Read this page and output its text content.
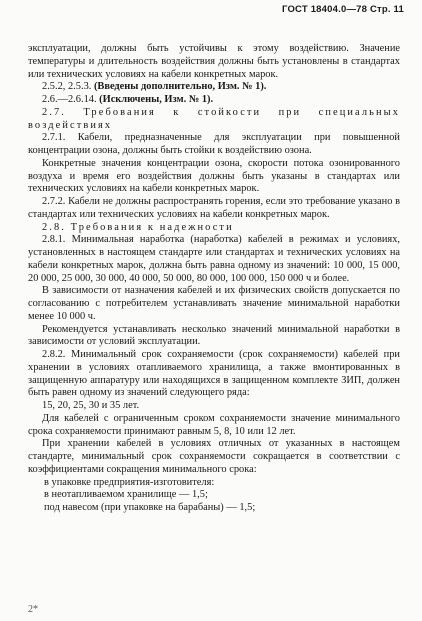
ГОСТ 18404.0—78 Стр. 11

эксплуатации, должны быть устойчивы к этому воздействию. Значение температуры и длительность воздействия должны быть установлены в стандартах или технических условиях на кабели конкретных марок.

2.5.2, 2.5.3. (Введены дополнительно, Изм. № 1).

2.6.—2.6.14. (Исключены, Изм. № 1).

2.7. Требования к стойкости при специальных воздействиях

2.7.1. Кабели, предназначенные для эксплуатации при повышенной концентрации озона, должны быть стойки к воздействию озона.

Конкретные значения концентрации озона, скорости потока озонированного воздуха и время его воздействия должны быть указаны в стандартах или технических условиях на кабели конкретных марок.

2.7.2. Кабели не должны распространять горения, если это требование указано в стандартах или технических условиях на кабели конкретных марок.

2.8. Требования к надежности

2.8.1. Минимальная наработка (наработка) кабелей в режимах и условиях, установленных в настоящем стандарте или стандартах и технических условиях на кабели конкретных марок, должна быть равна одному из значений: 10 000, 15 000, 20 000, 25 000, 30 000, 40 000, 50 000, 80 000, 100 000, 150 000 ч и более.

В зависимости от назначения кабелей и их физических свойств допускается по согласованию с потребителем устанавливать значение минимальной наработки менее 10 000 ч.

Рекомендуется устанавливать несколько значений минимальной наработки в зависимости от условий эксплуатации.

2.8.2. Минимальный срок сохраняемости (срок сохраняемости) кабелей при хранении в условиях отапливаемого хранилища, а также вмонтированных в защищенную аппаратуру или находящихся в защищенном комплекте ЗИП, должен быть равен одному из значений следующего ряда:

15, 20, 25, 30 и 35 лет.

Для кабелей с ограниченным сроком сохраняемости значение минимального срока сохраняемости принимают равным 5, 8, 10 или 12 лет.

При хранении кабелей в условиях отличных от указанных в настоящем стандарте, минимальный срок сохраняемости сокращается в соответствии с коэффициентами сокращения минимального срока:

в упаковке предприятия-изготовителя:

в неотапливаемом хранилище — 1,5;

под навесом (при упаковке на барабаны) — 1,5;

2*
